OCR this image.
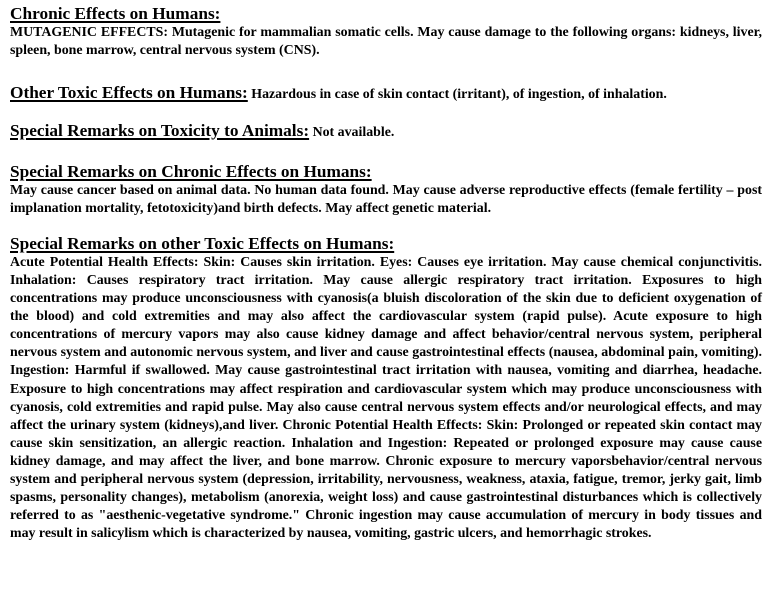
Chronic Effects on Humans:

MUTAGENIC EFFECTS: Mutagenic for mammalian somatic cells. May cause damage to the following organs: kidneys, liver, spleen, bone marrow, central nervous system (CNS).

Other Toxic Effects on Humans: Hazardous in case of skin contact (irritant), of ingestion, of inhalation.

Special Remarks on Toxicity to Animals: Not available.

Special Remarks on Chronic Effects on Humans:

May cause cancer based on animal data. No human data found. May cause adverse reproductive effects (female fertility – post implanation mortality, fetotoxicity)and birth defects. May affect genetic material.

Special Remarks on other Toxic Effects on Humans:

Acute Potential Health Effects: Skin: Causes skin irritation. Eyes: Causes eye irritation. May cause chemical conjunctivitis. Inhalation: Causes respiratory tract irritation. May cause allergic respiratory tract irritation. Exposures to high concentrations may produce unconsciousness with cyanosis(a bluish discoloration of the skin due to deficient oxygenation of the blood) and cold extremities and may also affect the cardiovascular system (rapid pulse). Acute exposure to high concentrations of mercury vapors may also cause kidney damage and affect behavior/central nervous system, peripheral nervous system and autonomic nervous system, and liver and cause gastrointestinal effects (nausea, abdominal pain, vomiting). Ingestion: Harmful if swallowed. May cause gastrointestinal tract irritation with nausea, vomiting and diarrhea, headache. Exposure to high concentrations may affect respiration and cardiovascular system which may produce unconsciousness with cyanosis, cold extremities and rapid pulse. May also cause central nervous system effects and/or neurological effects, and may affect the urinary system (kidneys),and liver. Chronic Potential Health Effects: Skin: Prolonged or repeated skin contact may cause skin sensitization, an allergic reaction. Inhalation and Ingestion: Repeated or prolonged exposure may cause cause kidney damage, and may affect the liver, and bone marrow. Chronic exposure to mercury vaporsbehavior/central nervous system and peripheral nervous system (depression, irritability, nervousness, weakness, ataxia, fatigue, tremor, jerky gait, limb spasms, personality changes), metabolism (anorexia, weight loss) and cause gastrointestinal disturbances which is collectively referred to as "aesthenic-vegetative syndrome." Chronic ingestion may cause accumulation of mercury in body tissues and may result in salicylism which is characterized by nausea, vomiting, gastric ulcers, and hemorrhagic strokes.
